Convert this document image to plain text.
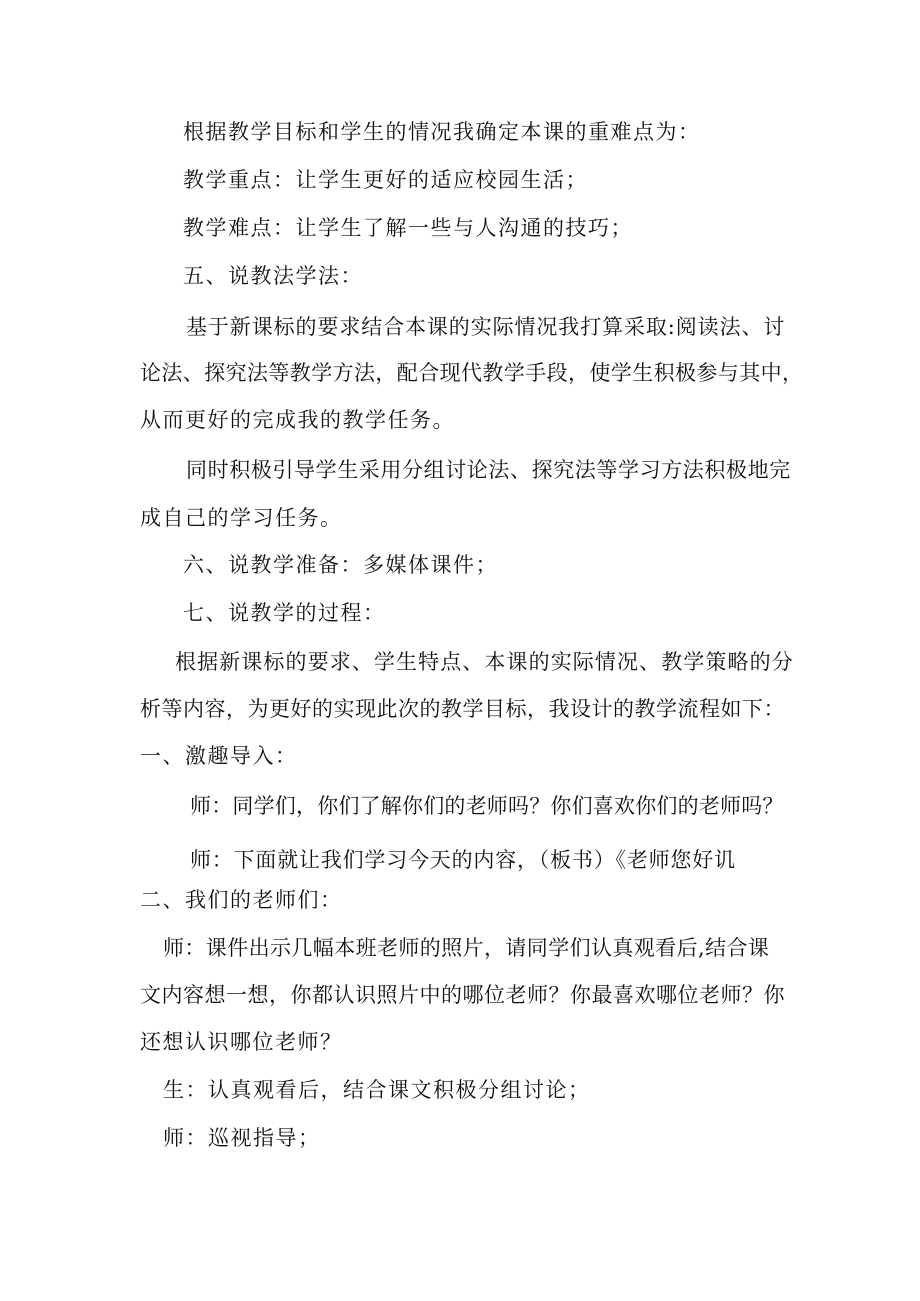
根据教学目标和学生的情况我确定本课的重难点为：
教学重点：让学生更好的适应校园生活；
教学难点：让学生了解一些与人沟通的技巧；
五、说教法学法：
基于新课标的要求结合本课的实际情况我打算采取:阅读法、讨
论法、探究法等教学方法，配合现代教学手段，使学生积极参与其中，
从而更好的完成我的教学任务。
同时积极引导学生采用分组讨论法、探究法等学习方法积极地完
成自己的学习任务。
六、说教学准备：多媒体课件；
七、说教学的过程：
根据新课标的要求、学生特点、本课的实际情况、教学策略的分
析等内容，为更好的实现此次的教学目标，我设计的教学流程如下：
一、激趣导入：
师：同学们，你们了解你们的老师吗？你们喜欢你们的老师吗？
师：下面就让我们学习今天的内容，（板书）《老师您好讥
二、我们的老师们：
师：课件出示几幅本班老师的照片，请同学们认真观看后,结合课
文内容想一想，你都认识照片中的哪位老师？你最喜欢哪位老师？你
还想认识哪位老师？
生：认真观看后，结合课文积极分组讨论；
师：巡视指导；
